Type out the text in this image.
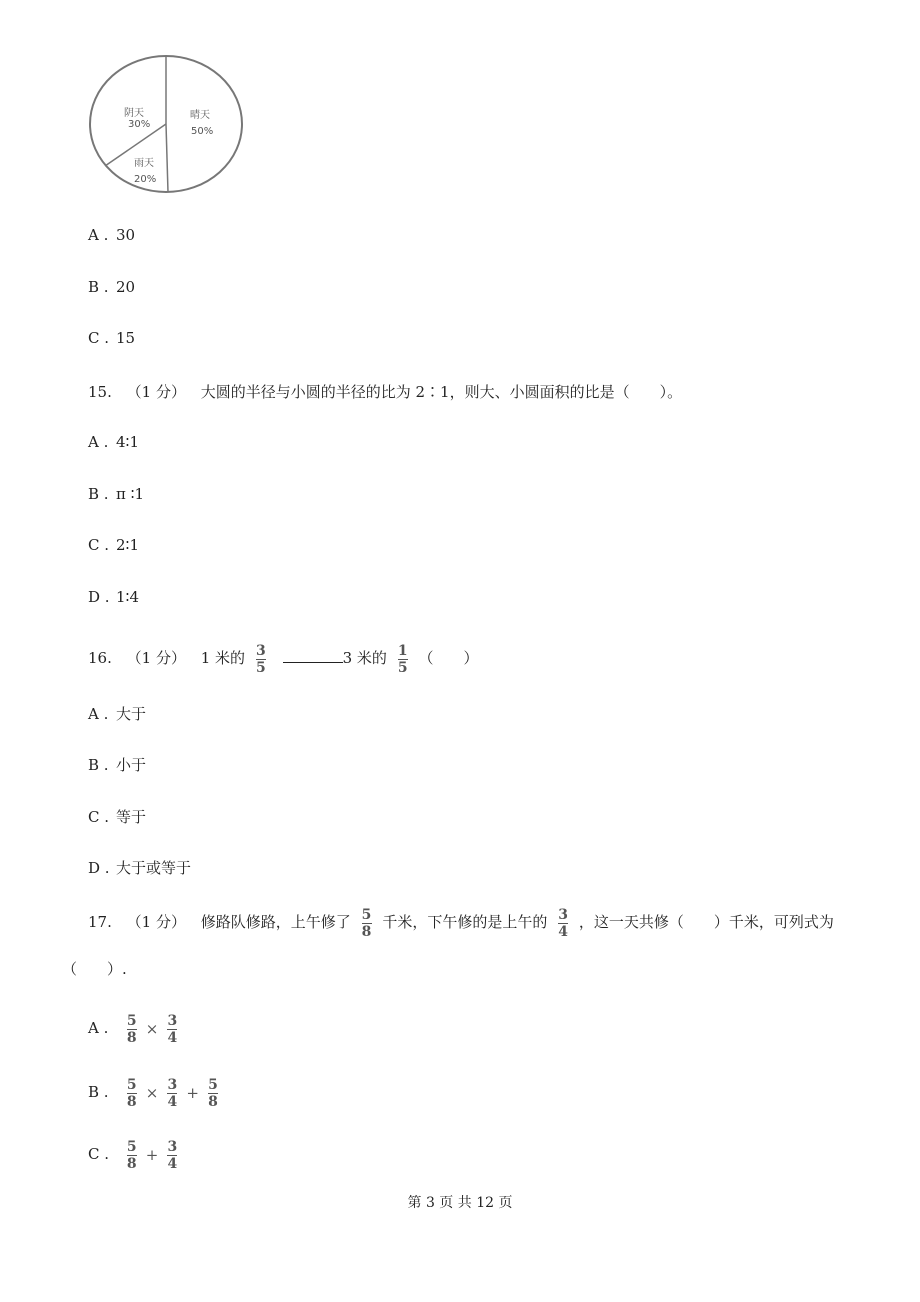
晴天
50%
阴天
30%
雨天
20%
A . 30
B . 20
C . 15
15. （1 分） 大圆的半径与小圆的半径的比为 2∶1，则大、小圆面积的比是（　　）。
A . 4∶1
B . π ∶1
C . 2∶1
D . 1∶4
16. （1 分） 1 米的 $\frac{3}{5}$	3 米的 $\frac{1}{5}$ （　　）
A . 大于
B . 小于
C . 等于
D . 大于或等于
17. （1 分） 修路队修路，上午修了 $\frac{5}{8}$ 千米，下午修的是上午的 $\frac{3}{4}$ ，这一天共修（　　）千米，可列式为
（　　）.
A . $\frac{5}{8} \times \frac{3}{4}$
B . $\frac{5}{8} \times \frac{3}{4} + \frac{5}{8}$
C . $\frac{5}{8} + \frac{3}{4}$
第 3 页 共 12 页
